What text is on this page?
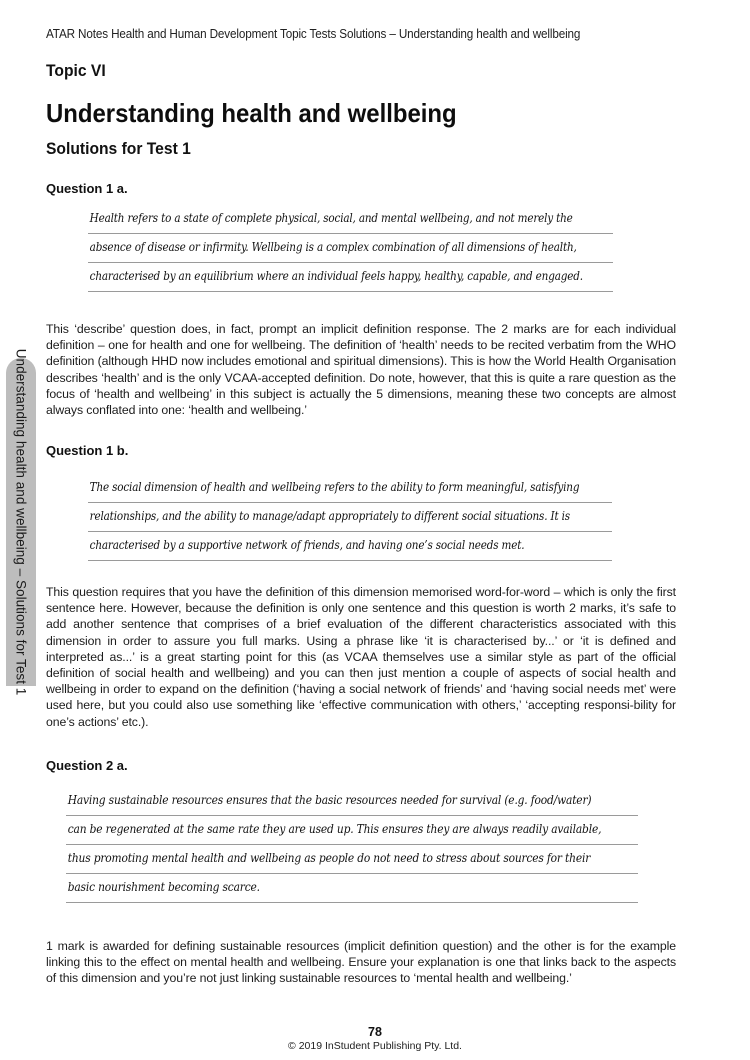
ATAR Notes Health and Human Development Topic Tests Solutions – Understanding health and wellbeing
Topic VI
Understanding health and wellbeing
Solutions for Test 1
Understanding health and wellbeing – Solutions for Test 1
Question 1 a.
Health refers to a state of complete physical, social, and mental wellbeing, and not merely the
absence of disease or infirmity. Wellbeing is a complex combination of all dimensions of health,
characterised by an equilibrium where an individual feels happy, healthy, capable, and engaged.
This ‘describe’ question does, in fact, prompt an implicit definition response. The 2 marks are for each individual definition – one for health and one for wellbeing. The definition of ‘health’ needs to be recited verbatim from the WHO definition (although HHD now includes emotional and spiritual dimensions). This is how the World Health Organisation describes ‘health’ and is the only VCAA-accepted definition. Do note, however, that this is quite a rare question as the focus of ‘health and wellbeing’ in this subject is actually the 5 dimensions, meaning these two concepts are almost always conflated into one: ‘health and wellbeing.’
Question 1 b.
The social dimension of health and wellbeing refers to the ability to form meaningful, satisfying
relationships, and the ability to manage/adapt appropriately to different social situations. It is
characterised by a supportive network of friends, and having one’s social needs met.
This question requires that you have the definition of this dimension memorised word-for-word – which is only the first sentence here. However, because the definition is only one sentence and this question is worth 2 marks, it’s safe to add another sentence that comprises of a brief evaluation of the different characteristics associated with this dimension in order to assure you full marks. Using a phrase like ‘it is characterised by...’ or ‘it is defined and interpreted as...’ is a great starting point for this (as VCAA themselves use a similar style as part of the official definition of social health and wellbeing) and you can then just mention a couple of aspects of social health and wellbeing in order to expand on the definition (‘having a social network of friends’ and ‘having social needs met’ were used here, but you could also use something like ‘effective communication with others,’ ‘accepting responsi-bility for one’s actions’ etc.).
Question 2 a.
Having sustainable resources ensures that the basic resources needed for survival (e.g. food/water)
can be regenerated at the same rate they are used up. This ensures they are always readily available,
thus promoting mental health and wellbeing as people do not need to stress about sources for their
basic nourishment becoming scarce.
1 mark is awarded for defining sustainable resources (implicit definition question) and the other is for the example linking this to the effect on mental health and wellbeing. Ensure your explanation is one that links back to the aspects of this dimension and you’re not just linking sustainable resources to ‘mental health and wellbeing.’
78
© 2019 InStudent Publishing Pty. Ltd.
